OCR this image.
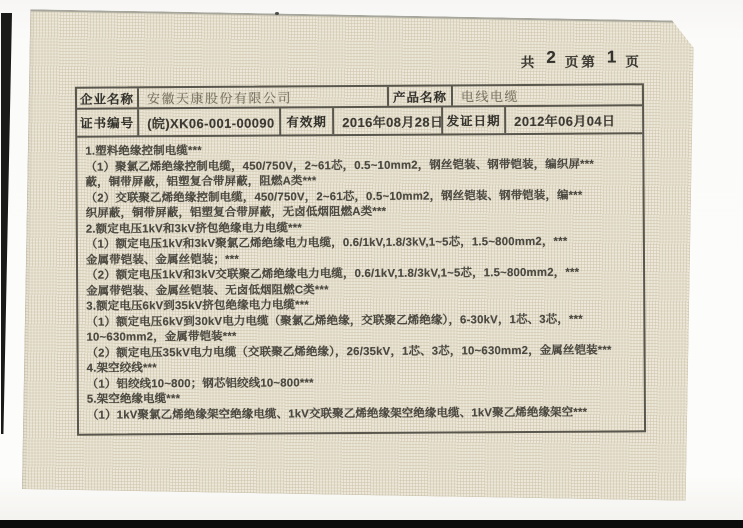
共 2 页第 1 页
企业名称 安徽天康股份有限公司	产品名称 电线电缆
证书编号 (皖)XK06-001-00090 有效期 2016年08月28日 发证日期 2012年06月04日
1.塑料绝缘控制电缆***
（1）聚氯乙烯绝缘控制电缆，450/750V，2~61芯，0.5~10mm2，钢丝铠装、钢带铠装，编织屏***
蔽，铜带屏蔽，铝塑复合带屏蔽，阻燃A类***
（2）交联聚乙烯绝缘控制电缆，450/750V，2~61芯，0.5~10mm2，钢丝铠装、钢带铠装，编***
织屏蔽，铜带屏蔽，铝塑复合带屏蔽，无卤低烟阻燃A类***
2.额定电压1kV和3kV挤包绝缘电力电缆***
（1）额定电压1kV和3kV聚氯乙烯绝缘电力电缆，0.6/1kV,1.8/3kV,1~5芯，1.5~800mm2，***
金属带铠装、金属丝铠装；***
（2）额定电压1kV和3kV交联聚乙烯绝缘电力电缆，0.6/1kV,1.8/3kV,1~5芯，1.5~800mm2，***
金属带铠装、金属丝铠装、无卤低烟阻燃C类***
3.额定电压6kV到35kV挤包绝缘电力电缆***
（1）额定电压6kV到30kV电力电缆（聚氯乙烯绝缘，交联聚乙烯绝缘），6-30kV，1芯、3芯，***
10~630mm2，金属带铠装***
（2）额定电压35kV电力电缆（交联聚乙烯绝缘），26/35kV，1芯、3芯，10~630mm2，金属丝铠装***
4.架空绞线***
（1）铝绞线10~800；钢芯铝绞线10~800***
5.架空绝缘电缆***
（1）1kV聚氯乙烯绝缘架空绝缘电缆、1kV交联聚乙烯绝缘架空绝缘电缆、1kV聚乙烯绝缘架空***
